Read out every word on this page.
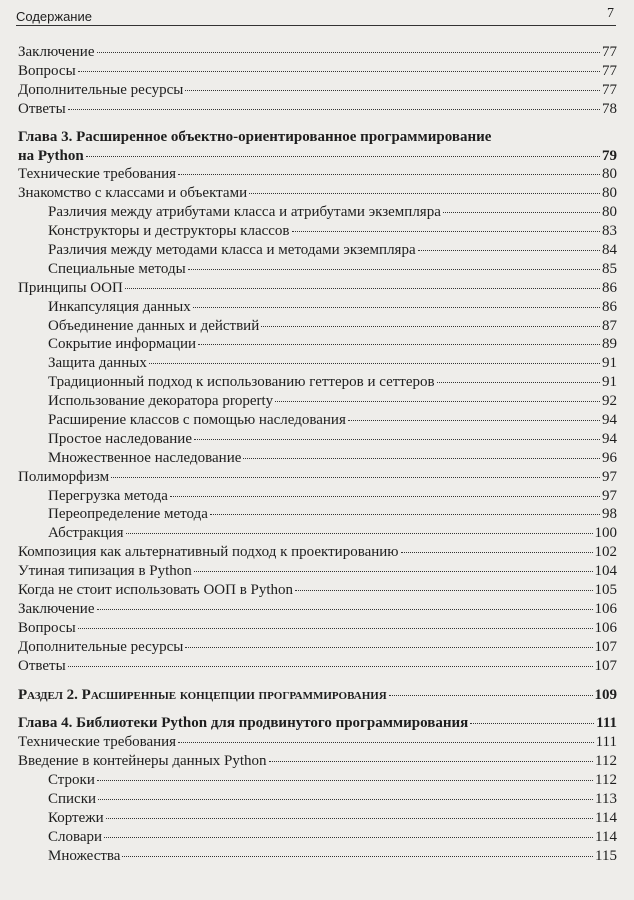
Содержание	7
Заключение	77
Вопросы	77
Дополнительные ресурсы	77
Ответы	78
Глава 3. Расширенное объектно-ориентированное программирование
на Python	79
Технические требования	80
Знакомство с классами и объектами	80
Различия между атрибутами класса и атрибутами экземпляра	80
Конструкторы и деструкторы классов	83
Различия между методами класса и методами экземпляра	84
Специальные методы	85
Принципы ООП	86
Инкапсуляция данных	86
Объединение данных и действий	87
Сокрытие информации	89
Защита данных	91
Традиционный подход к использованию геттеров и сеттеров	91
Использование декоратора property	92
Расширение классов с помощью наследования	94
Простое наследование	94
Множественное наследование	96
Полиморфизм	97
Перегрузка метода	97
Переопределение метода	98
Абстракция	100
Композиция как альтернативный подход к проектированию	102
Утиная типизация в Python	104
Когда не стоит использовать ООП в Python	105
Заключение	106
Вопросы	106
Дополнительные ресурсы	107
Ответы	107
Раздел 2. Расширенные концепции программирования	109
Глава 4. Библиотеки Python для продвинутого программирования	111
Технические требования	111
Введение в контейнеры данных Python	112
Строки	112
Списки	113
Кортежи	114
Словари	114
Множества	115
